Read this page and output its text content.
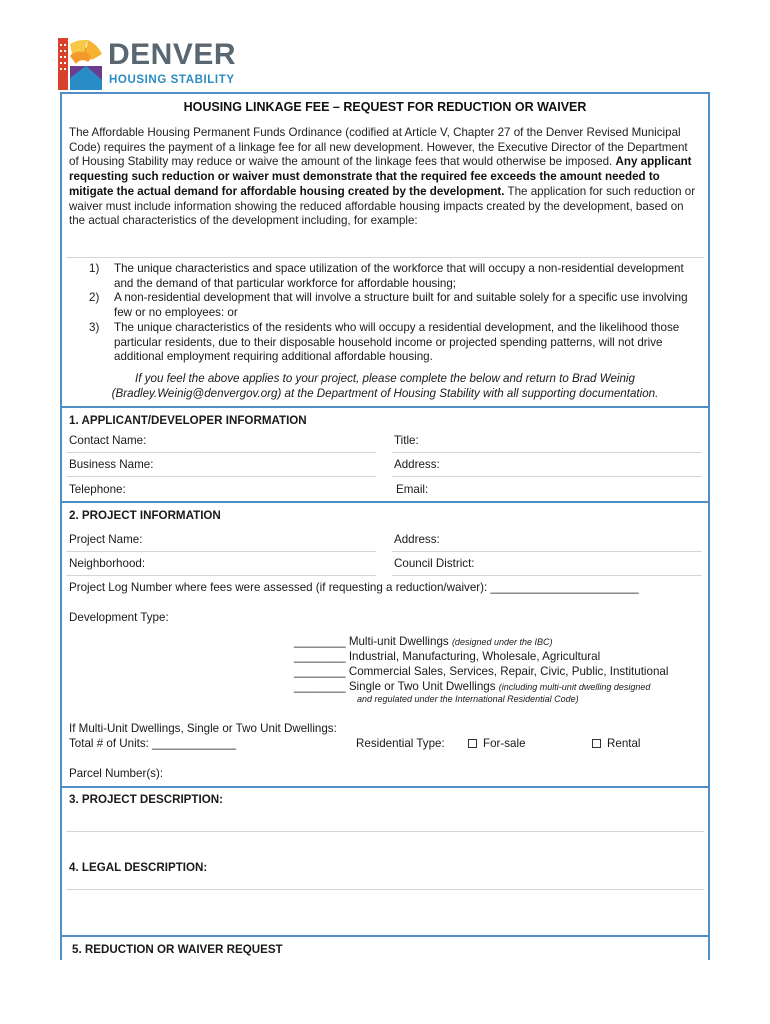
DENVER
HOUSING STABILITY
HOUSING LINKAGE FEE – REQUEST FOR REDUCTION OR WAIVER
The Affordable Housing Permanent Funds Ordinance (codified at Article V, Chapter 27 of the Denver Revised Municipal Code) requires the payment of a linkage fee for all new development. However, the Executive Director of the Department of Housing Stability may reduce or waive the amount of the linkage fees that would otherwise be imposed. Any applicant requesting such reduction or waiver must demonstrate that the required fee exceeds the amount needed to mitigate the actual demand for affordable housing created by the development. The application for such reduction or waiver must include information showing the reduced affordable housing impacts created by the development, based on the actual characteristics of the development including, for example:
1) The unique characteristics and space utilization of the workforce that will occupy a non-residential development and the demand of that particular workforce for affordable housing;
2) A non-residential development that will involve a structure built for and suitable solely for a specific use involving few or no employees: or
3) The unique characteristics of the residents who will occupy a residential development, and the likelihood those particular residents, due to their disposable household income or projected spending patterns, will not drive additional employment requiring additional affordable housing.
If you feel the above applies to your project, please complete the below and return to Brad Weinig
(Bradley.Weinig@denvergov.org) at the Department of Housing Stability with all supporting documentation.
1. APPLICANT/DEVELOPER INFORMATION
Contact Name:	Title:
Business Name:	Address:
Telephone:	Email:
2. PROJECT INFORMATION
Project Name:	Address:
Neighborhood:	Council District:
Project Log Number where fees were assessed (if requesting a reduction/waiver): _______________________
Development Type:
________ Multi-unit Dwellings (designed under the IBC)
________ Industrial, Manufacturing, Wholesale, Agricultural
________ Commercial Sales, Services, Repair, Civic, Public, Institutional
________ Single or Two Unit Dwellings (including multi-unit dwelling designed
and regulated under the International Residential Code)
If Multi-Unit Dwellings, Single or Two Unit Dwellings:
Total # of Units: _____________	Residential Type:	For-sale	Rental
Parcel Number(s):
3. PROJECT DESCRIPTION:
4. LEGAL DESCRIPTION:
5. REDUCTION OR WAIVER REQUEST
